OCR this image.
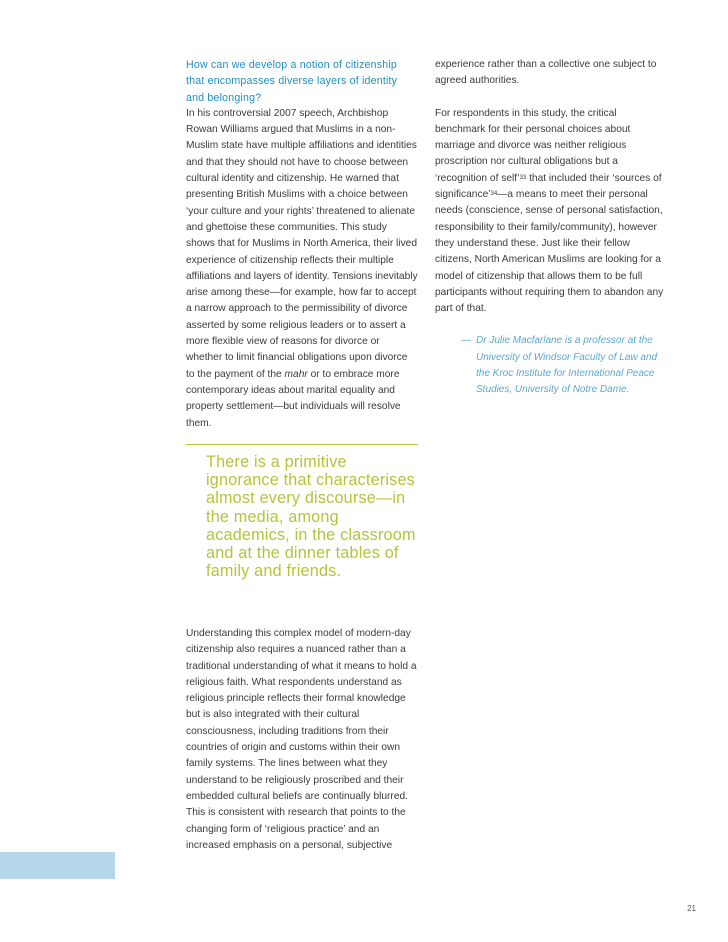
How can we develop a notion of citizenship that encompasses diverse layers of identity and belonging?

In his controversial 2007 speech, Archbishop Rowan Williams argued that Muslims in a non-Muslim state have multiple affiliations and identities and that they should not have to choose between cultural identity and citizenship. He warned that presenting British Muslims with a choice between ‘your culture and your rights’ threatened to alienate and ghettoise these communities. This study shows that for Muslims in North America, their lived experience of citizenship reflects their multiple affiliations and layers of identity. Tensions inevitably arise among these—for example, how far to accept a narrow approach to the permissibility of divorce asserted by some religious leaders or to assert a more flexible view of reasons for divorce or whether to limit financial obligations upon divorce to the payment of the mahr or to embrace more contemporary ideas about marital equality and property settlement—but individuals will resolve them.

There is a primitive ignorance that characterises almost every discourse—in the media, among academics, in the classroom and at the dinner tables of family and friends.

Understanding this complex model of modern-day citizenship also requires a nuanced rather than a traditional understanding of what it means to hold a religious faith. What respondents understand as religious principle reflects their formal knowledge but is also integrated with their cultural consciousness, including traditions from their countries of origin and customs within their own family systems. The lines between what they understand to be religiously proscribed and their embedded cultural beliefs are continually blurred. This is consistent with research that points to the changing form of ‘religious practice’ and an increased emphasis on a personal, subjective

experience rather than a collective one subject to agreed authorities.

For respondents in this study, the critical benchmark for their personal choices about marriage and divorce was neither religious proscription nor cultural obligations but a ‘recognition of self’$^{33}$ that included their ‘sources of significance’$^{34}$—a means to meet their personal needs (conscience, sense of personal satisfaction, responsibility to their family/community), however they understand these. Just like their fellow citizens, North American Muslims are looking for a model of citizenship that allows them to be full participants without requiring them to abandon any part of that.

— Dr Julie Macfarlane is a professor at the University of Windsor Faculty of Law and the Kroc Institute for International Peace Studies, University of Notre Dame.
21
